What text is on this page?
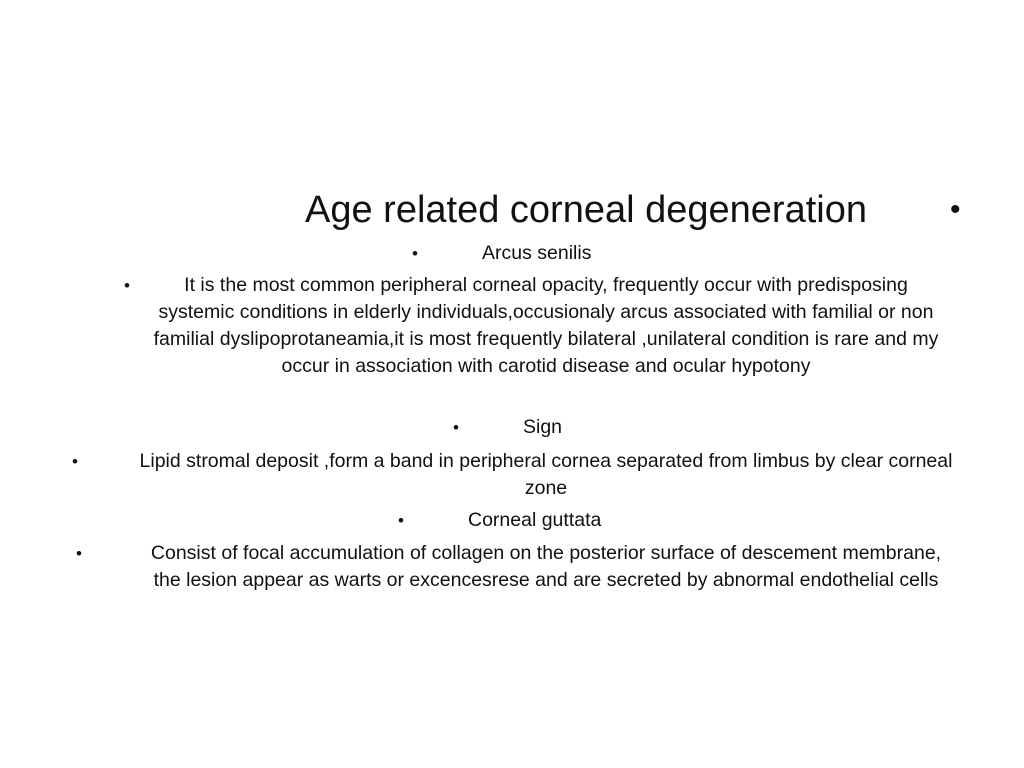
Age related corneal degeneration	•
•	Arcus senilis
•	It is the most common peripheral corneal opacity, frequently occur with predisposing systemic conditions in elderly individuals,occusionaly arcus associated with familial or non familial dyslipoprotaneamia,it is most frequently bilateral ,unilateral condition is rare and my occur in association with carotid disease and ocular hypotony
•	Sign
•	Lipid stromal deposit ,form a band in peripheral cornea separated from limbus by clear corneal zone
•	Corneal guttata
•	Consist of focal accumulation of collagen on the posterior surface of descement membrane, the lesion appear as warts or excencesrese and are secreted by abnormal endothelial cells
